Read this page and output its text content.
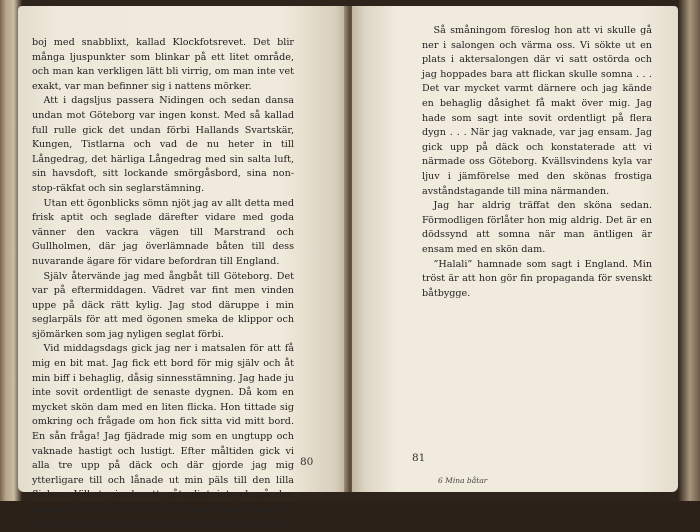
boj med snabblixt, kallad Klockfotsrevet. Det blir många ljuspunkter som blinkar på ett litet område, och man kan verkligen lätt bli virrig, om man inte vet exakt, var man befinner sig i nattens mörker.

Att i dagsljus passera Nidingen och sedan dansa undan mot Göteborg var ingen konst. Med så kallad full rulle gick det undan förbi Hallands Svartskär, Kungen, Tistlarna och vad de nu heter in till Långedrag, det härliga Långedrag med sin salta luft, sin havsdoft, sitt lockande smörgåsbord, sina non-stop-räkfat och sin seglarstämning.

Utan ett ögonblicks sömn njöt jag av allt detta med frisk aptit och seglade därefter vidare med goda vänner den vackra vägen till Marstrand och Gullholmen, där jag överlämnade båten till dess nuvarande ägare för vidare befordran till England.

Själv återvände jag med ångbåt till Göteborg. Det var på eftermiddagen. Vädret var fint men vinden uppe på däck rätt kylig. Jag stod däruppe i min seglarpäls för att med ögonen smeka de klippor och sjömärken som jag nyligen seglat förbi.

Vid middagsdags gick jag ner i matsalen för att få mig en bit mat. Jag fick ett bord för mig själv och åt min biff i behaglig, dåsig sinnesstämning. Jag hade ju inte sovit ordentligt de senaste dygnen. Då kom en mycket skön dam med en liten flicka. Hon tittade sig omkring och frågade om hon fick sitta vid mitt bord. En sån fråga! Jag fjädrade mig som en ungtupp och vaknade hastigt och lustigt. Efter måltiden gick vi alla tre upp på däck och där gjorde jag mig ytterligare till och lånade ut min päls till den lilla flickan. Vilket gjorde ett påtagligt intryck på den sköna, så att hon till och med anförtrodde mig att hon var frånskild. Jojo, det började bli riktigt trevligt.

80

Så småningom föreslog hon att vi skulle gå ner i salongen och värma oss. Vi sökte ut en plats i aktersalongen där vi satt ostörda och jag hoppades bara att flickan skulle somna . . . Det var mycket varmt därnere och jag kände en behaglig dåsighet få makt över mig. Jag hade som sagt inte sovit ordentligt på flera dygn . . . När jag vaknade, var jag ensam. Jag gick upp på däck och konstaterade att vi närmade oss Göteborg. Kvällsvindens kyla var ljuv i jämförelse med den skönas frostiga avståndstagande till mina närmanden.

Jag har aldrig träffat den sköna sedan. Förmodligen förlåter hon mig aldrig. Det är en dödssynd att somna när man äntligen är ensam med en skön dam.

”Halali” hamnade som sagt i England. Min tröst är att hon gör fin propaganda för svenskt båtbygge.

81
6 Mina båtar
